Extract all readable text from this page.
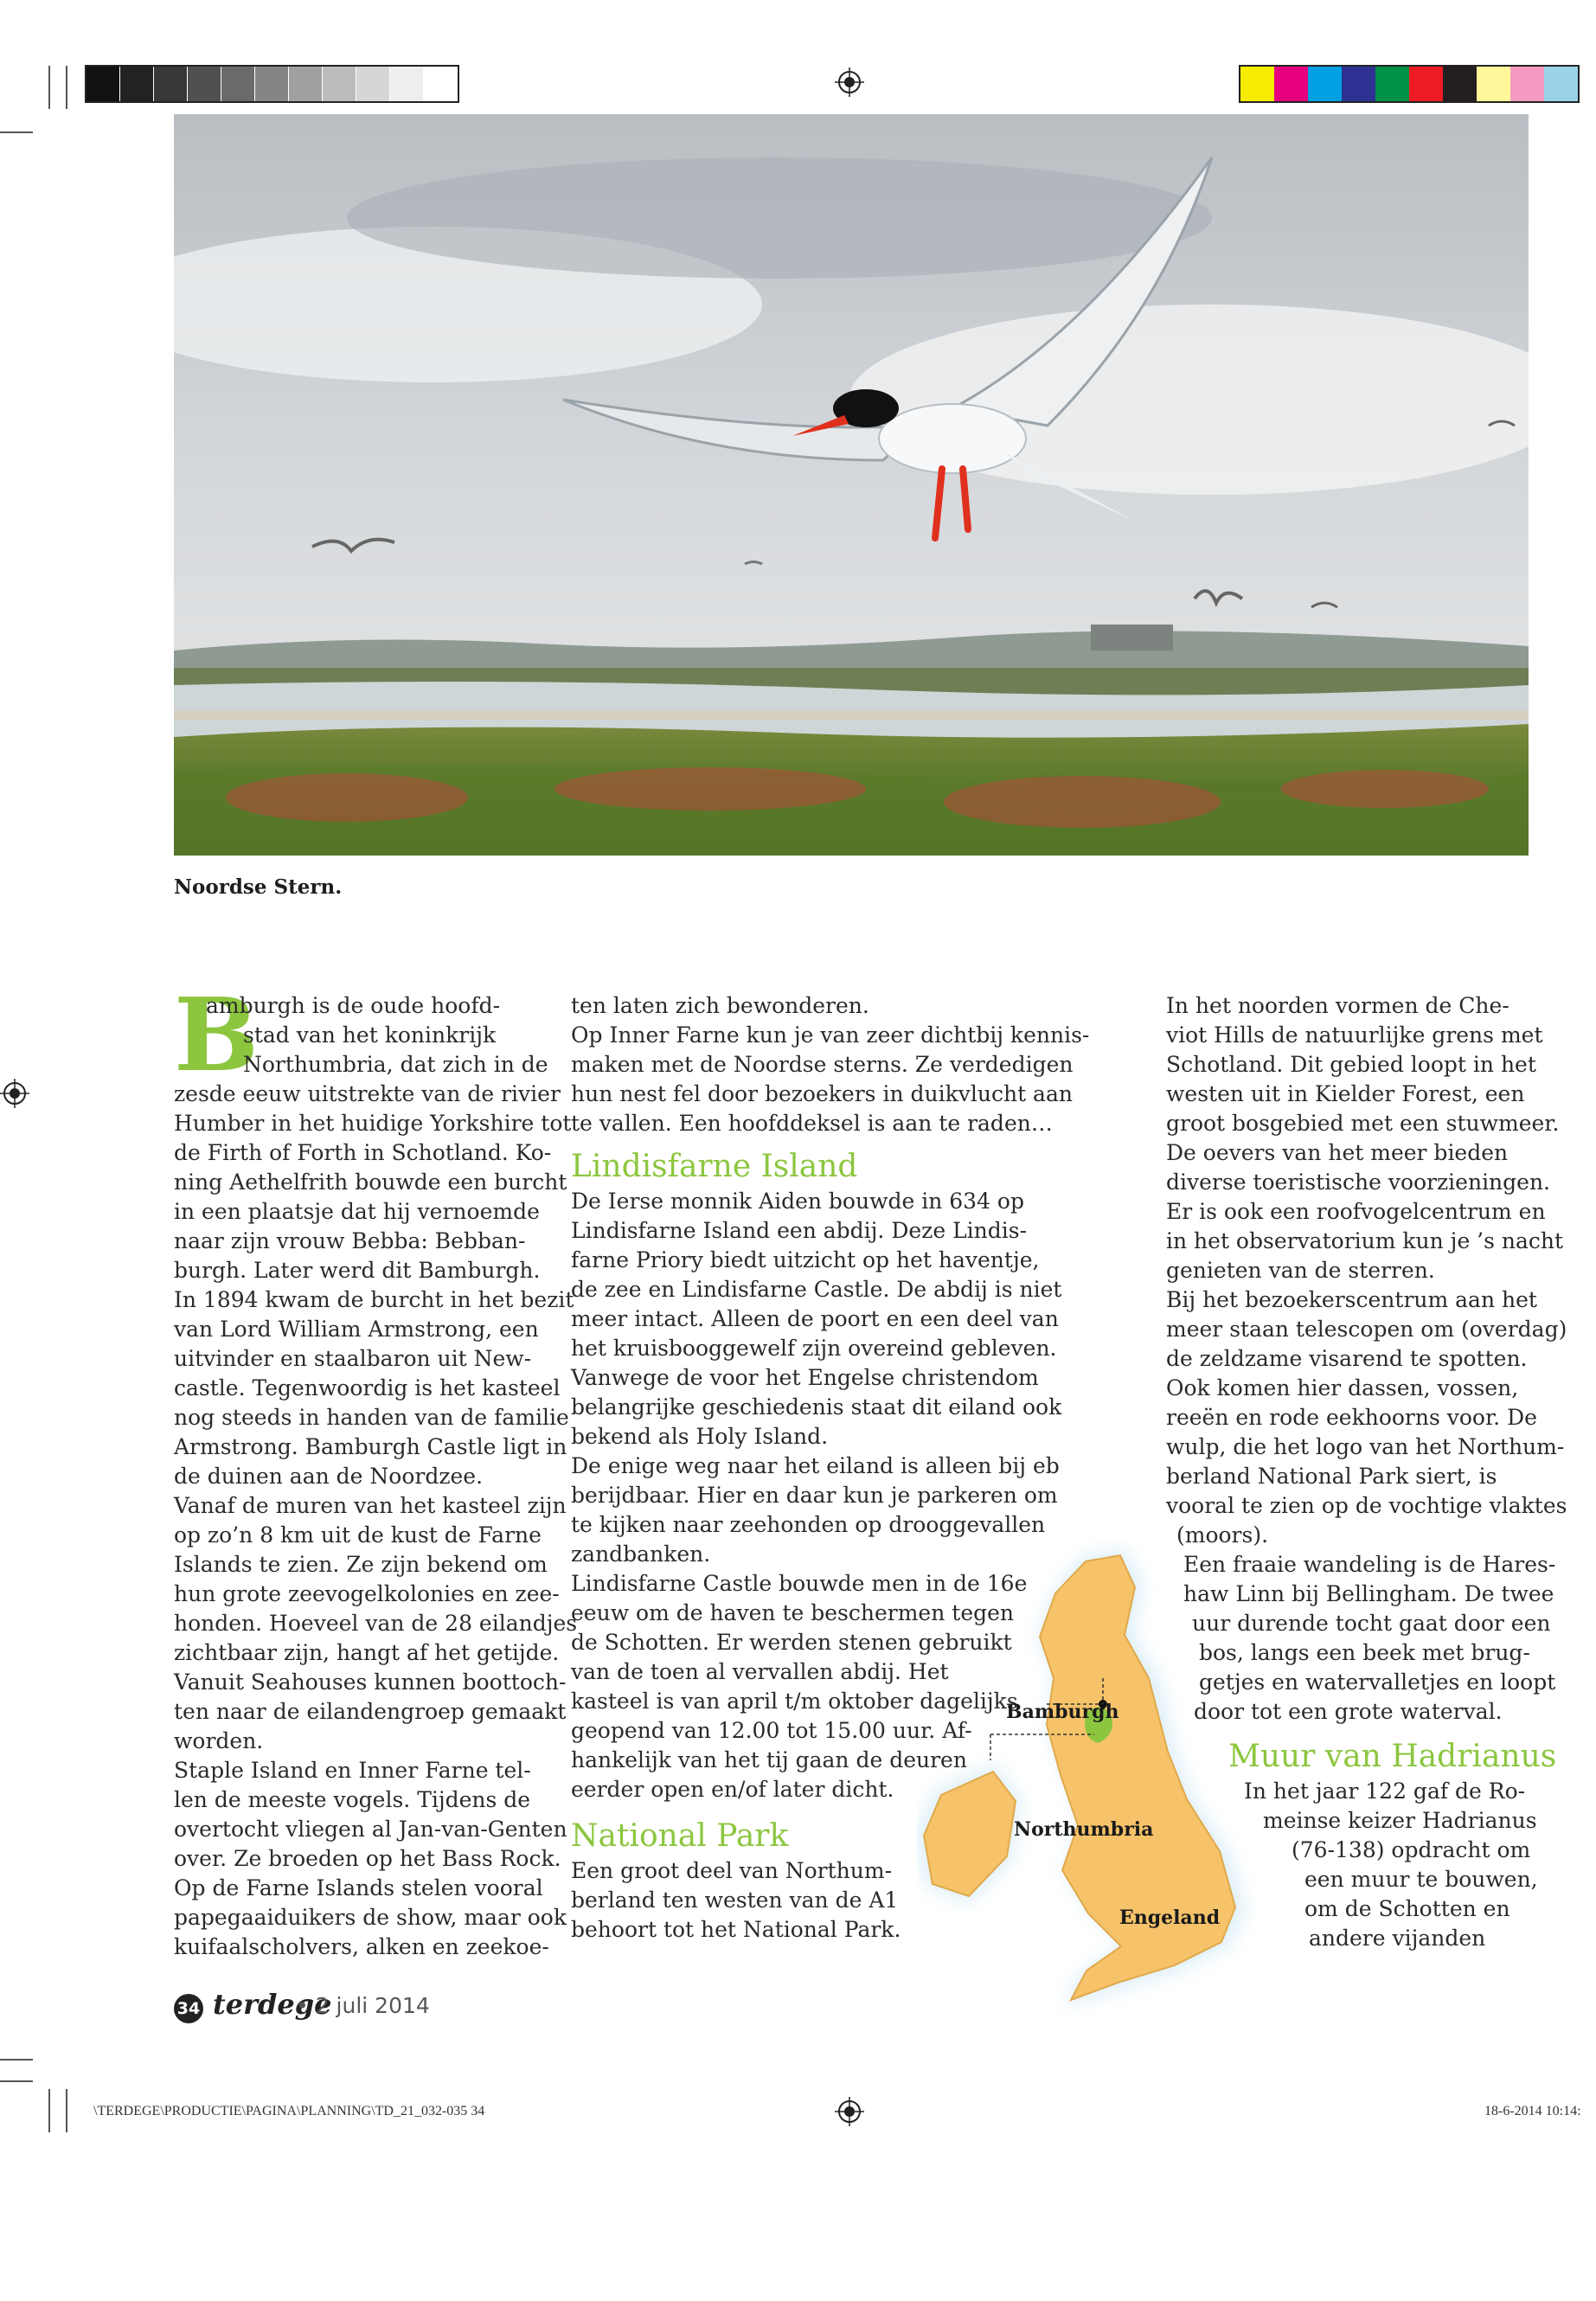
Noordse Stern.
B

amburgh is de oude hoofd-

stad van het koninkrijk

Northumbria, dat zich in de

zesde eeuw uitstrekte van de rivier

Humber in het huidige Yorkshire tot

de Firth of Forth in Schotland. Ko-

ning Aethelfrith bouwde een burcht

in een plaatsje dat hij vernoemde

naar zijn vrouw Bebba: Bebban-

burgh. Later werd dit Bamburgh.

In 1894 kwam de burcht in het bezit

van Lord William Armstrong, een

uitvinder en staalbaron uit New-

castle. Tegenwoordig is het kasteel

nog steeds in handen van de familie

Armstrong. Bamburgh Castle ligt in

de duinen aan de Noordzee.

Vanaf de muren van het kasteel zijn

op zo’n 8 km uit de kust de Farne

Islands te zien. Ze zijn bekend om

hun grote zeevogelkolonies en zee-

honden. Hoeveel van de 28 eilandjes

zichtbaar zijn, hangt af het getijde.

Vanuit Seahouses kunnen boottoch-

ten naar de eilandengroep gemaakt

worden.

Staple Island en Inner Farne tel-

len de meeste vogels. Tijdens de

overtocht vliegen al Jan-van-Genten

over. Ze broeden op het Bass Rock.

Op de Farne Islands stelen vooral

papegaaiduikers de show, maar ook

kuifaalscholvers, alken en zeekoe-

ten laten zich bewonderen.

Op Inner Farne kun je van zeer dichtbij kennis-

maken met de Noordse sterns. Ze verdedigen

hun nest fel door bezoekers in duikvlucht aan

te vallen. Een hoofddeksel is aan te raden…

Lindisfarne Island

De Ierse monnik Aiden bouwde in 634 op

Lindisfarne Island een abdij. Deze Lindis-

farne Priory biedt uitzicht op het haventje,

de zee en Lindisfarne Castle. De abdij is niet

meer intact. Alleen de poort en een deel van

het kruisbooggewelf zijn overeind gebleven.

Vanwege de voor het Engelse christendom

belangrijke geschiedenis staat dit eiland ook

bekend als Holy Island.

De enige weg naar het eiland is alleen bij eb

berijdbaar. Hier en daar kun je parkeren om

te kijken naar zeehonden op drooggevallen

zandbanken.

Lindisfarne Castle bouwde men in de 16e

eeuw om de haven te beschermen tegen

de Schotten. Er werden stenen gebruikt

van de toen al vervallen abdij. Het

kasteel is van april t/m oktober dagelijks

geopend van 12.00 tot 15.00 uur. Af-

hankelijk van het tij gaan de deuren

eerder open en/of later dicht.

National Park

Een groot deel van Northum-

berland ten westen van de A1

behoort tot het National Park.

In het noorden vormen de Che-

viot Hills de natuurlijke grens met

Schotland. Dit gebied loopt in het

westen uit in Kielder Forest, een

groot bosgebied met een stuwmeer.

De oevers van het meer bieden

diverse toeristische voorzieningen.

Er is ook een roofvogelcentrum en

in het observatorium kun je ’s nacht

genieten van de sterren.

Bij het bezoekerscentrum aan het

meer staan telescopen om (overdag)

de zeldzame visarend te spotten.

Ook komen hier dassen, vossen,

reeën en rode eekhoorns voor. De

wulp, die het logo van het Northum-

berland National Park siert, is

vooral te zien op de vochtige vlaktes

(moors).

Een fraaie wandeling is de Hares-

haw Linn bij Bellingham. De twee

uur durende tocht gaat door een

bos, langs een beek met brug-

getjes en watervalletjes en loopt

door tot een grote waterval.

Muur van Hadrianus

In het jaar 122 gaf de Ro-

meinse keizer Hadrianus

(76-138) opdracht om

een muur te bouwen,

om de Schotten en

andere vijanden

Bamburgh
Northumbria
Engeland
34 terdege
• 2 juli 2014
\TERDEGE\PRODUCTIE\PAGINA\PLANNING\TD_21_032-035 34	18-6-2014 10:14:
